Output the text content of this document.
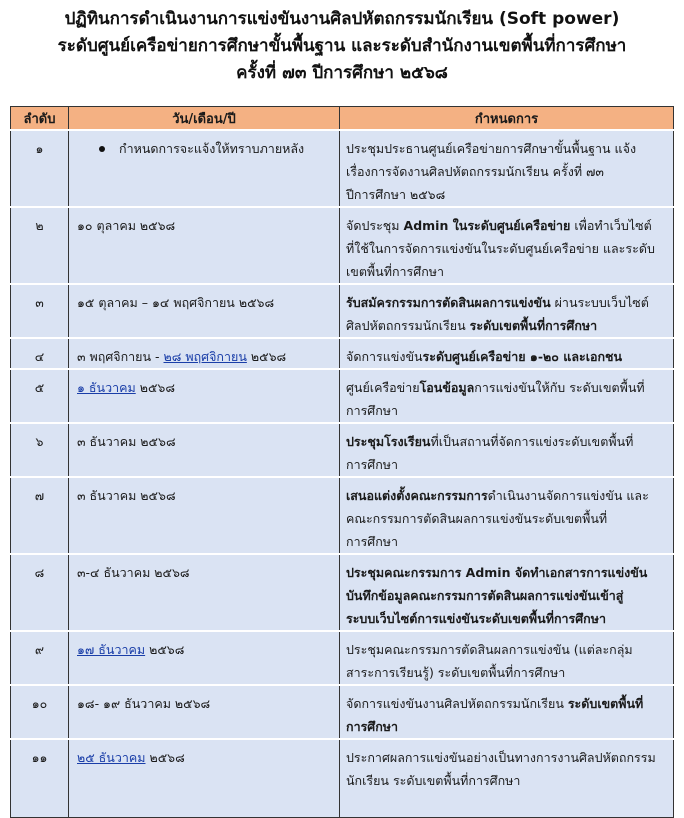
ปฏิทินการดำเนินงานการแข่งขันงานศิลปหัตถกรรมนักเรียน (Soft power)
ระดับศูนย์เครือข่ายการศึกษาขั้นพื้นฐาน และระดับสำนักงานเขตพื้นที่การศึกษา
ครั้งที่ ๗๓ ปีการศึกษา ๒๕๖๘
ลำดับ	วัน/เดือน/ปี	กำหนดการ
๑	กำหนดการจะแจ้งให้ทราบภายหลัง	ประชุมประธานศูนย์เครือข่ายการศึกษาขั้นพื้นฐาน แจ้ง
เรื่องการจัดงานศิลปหัตถกรรมนักเรียน ครั้งที่ ๗๓
ปีการศึกษา ๒๕๖๘

๒	๑๐ ตุลาคม ๒๕๖๘	จัดประชุม Admin ในระดับศูนย์เครือข่าย เพื่อทำเว็บไซต์
ที่ใช้ในการจัดการแข่งขันในระดับศูนย์เครือข่าย และระดับ
เขตพื้นที่การศึกษา

๓	๑๕ ตุลาคม – ๑๔ พฤศจิกายน ๒๕๖๘	รับสมัครกรรมการตัดสินผลการแข่งขัน ผ่านระบบเว็บไซต์
ศิลปหัตถกรรมนักเรียน ระดับเขตพื้นที่การศึกษา

๔	๓ พฤศจิกายน - ๒๘ พฤศจิกายน ๒๕๖๘	จัดการแข่งขันระดับศูนย์เครือข่าย ๑-๒๐ และเอกชน

๕	๑ ธันวาคม ๒๕๖๘	ศูนย์เครือข่ายโอนข้อมูลการแข่งขันให้กับ ระดับเขตพื้นที่
การศึกษา

๖	๓ ธันวาคม ๒๕๖๘	ประชุมโรงเรียนที่เป็นสถานที่จัดการแข่งระดับเขตพื้นที่
การศึกษา

๗	๓ ธันวาคม ๒๕๖๘	เสนอแต่งตั้งคณะกรรมการดำเนินงานจัดการแข่งขัน และ
คณะกรรมการตัดสินผลการแข่งขันระดับเขตพื้นที่
การศึกษา

๘	๓-๔ ธันวาคม ๒๕๖๘	ประชุมคณะกรรมการ Admin จัดทำเอกสารการแข่งขัน
บันทึกข้อมูลคณะกรรมการตัดสินผลการแข่งขันเข้าสู่
ระบบเว็บไซต์การแข่งขันระดับเขตพื้นที่การศึกษา

๙	๑๗ ธันวาคม ๒๕๖๘	ประชุมคณะกรรมการตัดสินผลการแข่งขัน (แต่ละกลุ่ม
สาระการเรียนรู้) ระดับเขตพื้นที่การศึกษา

๑๐	๑๘- ๑๙ ธันวาคม ๒๕๖๘	จัดการแข่งขันงานศิลปหัตถกรรมนักเรียน ระดับเขตพื้นที่
การศึกษา

๑๑	๒๕ ธันวาคม ๒๕๖๘	ประกาศผลการแข่งขันอย่างเป็นทางการงานศิลปหัตถกรรม
นักเรียน ระดับเขตพื้นที่การศึกษา
